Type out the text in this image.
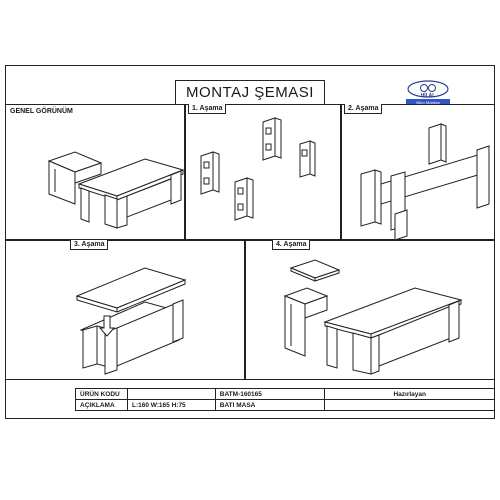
MONTAJ ŞEMASI	HİLAL
Büro Mobilya
GENEL GÖRÜNÜM	1. Aşama	2. Aşama
3. Aşama	4. Aşama
ÜRÜN KODU		BATM-160165	Hazırlayan
AÇIKLAMA	L:160 W:165 H:75	BATI MASA	
